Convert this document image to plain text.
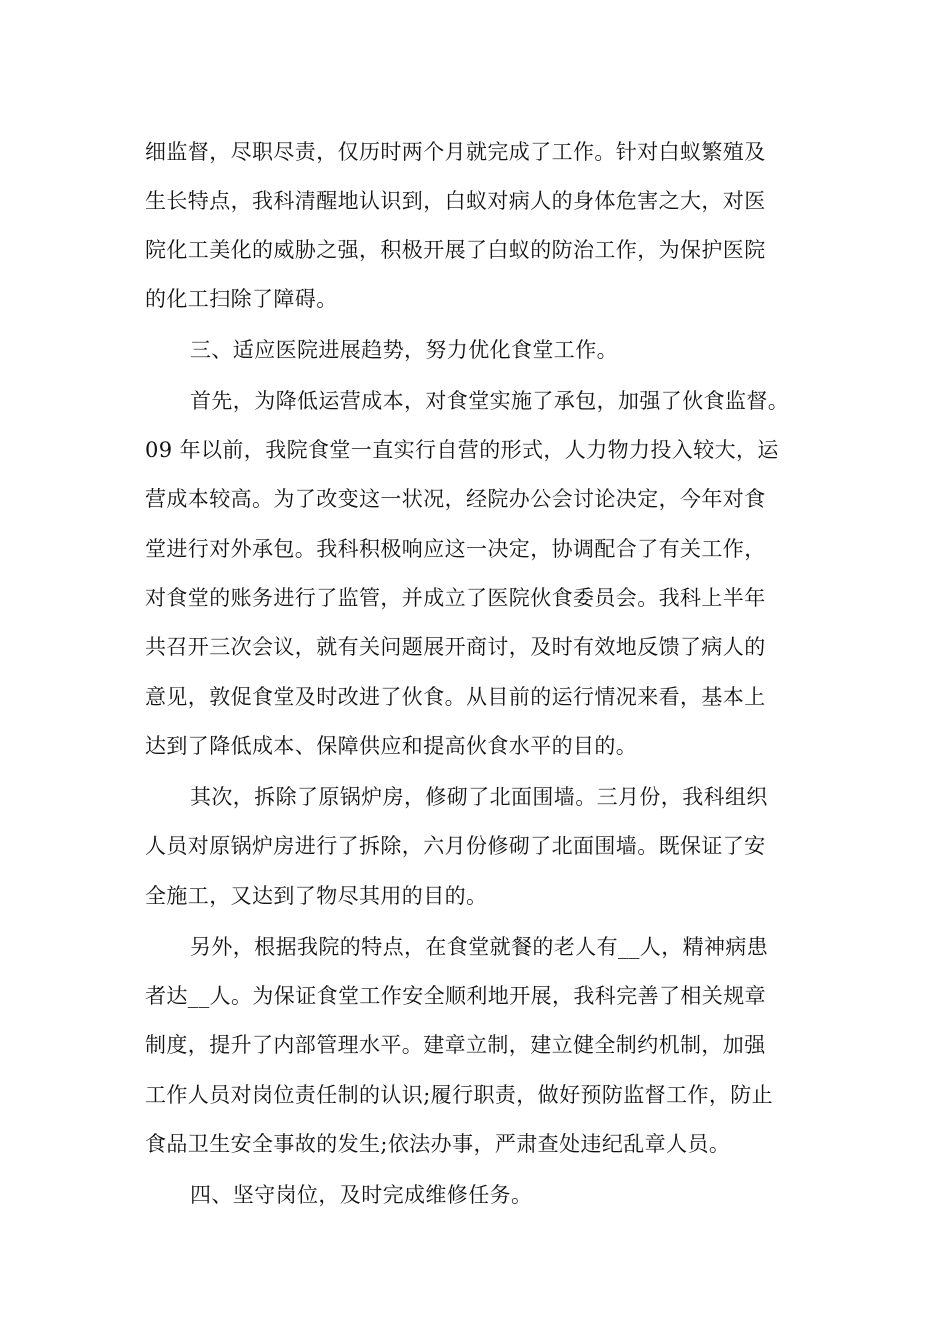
细监督，尽职尽责，仅历时两个月就完成了工作。针对白蚁繁殖及
生长特点，我科清醒地认识到，白蚁对病人的身体危害之大，对医
院化工美化的威胁之强，积极开展了白蚁的防治工作，为保护医院
的化工扫除了障碍。
三、适应医院进展趋势，努力优化食堂工作。
首先，为降低运营成本，对食堂实施了承包，加强了伙食监督。
09 年以前，我院食堂一直实行自营的形式，人力物力投入较大，运
营成本较高。为了改变这一状况，经院办公会讨论决定，今年对食
堂进行对外承包。我科积极响应这一决定，协调配合了有关工作，
对食堂的账务进行了监管，并成立了医院伙食委员会。我科上半年
共召开三次会议，就有关问题展开商讨，及时有效地反馈了病人的
意见，敦促食堂及时改进了伙食。从目前的运行情况来看，基本上
达到了降低成本、保障供应和提高伙食水平的目的。
其次，拆除了原锅炉房，修砌了北面围墙。三月份，我科组织
人员对原锅炉房进行了拆除，六月份修砌了北面围墙。既保证了安
全施工，又达到了物尽其用的目的。
另外，根据我院的特点，在食堂就餐的老人有__人，精神病患
者达__人。为保证食堂工作安全顺利地开展，我科完善了相关规章
制度，提升了内部管理水平。建章立制，建立健全制约机制，加强
工作人员对岗位责任制的认识;履行职责，做好预防监督工作，防止
食品卫生安全事故的发生;依法办事，严肃查处违纪乱章人员。
四、坚守岗位，及时完成维修任务。
